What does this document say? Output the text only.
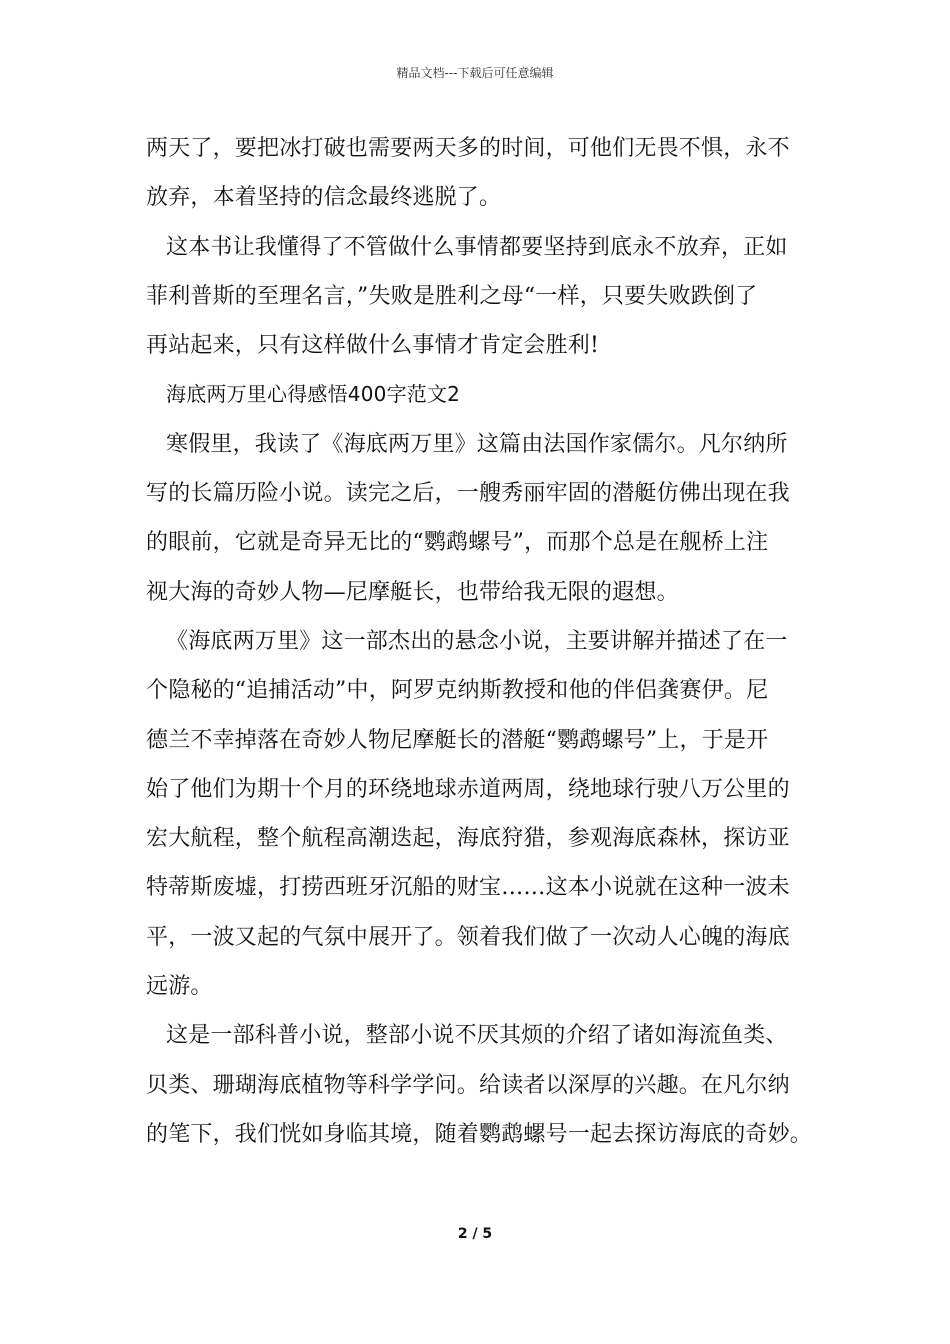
精品文档---下载后可任意编辑
两天了，要把冰打破也需要两天多的时间，可他们无畏不惧，永不
放弃，本着坚持的信念最终逃脱了。
这本书让我懂得了不管做什么事情都要坚持到底永不放弃，正如
菲利普斯的至理名言，”失败是胜利之母“一样，只要失败跌倒了
再站起来，只有这样做什么事情才肯定会胜利!
海底两万里心得感悟400字范文2
寒假里，我读了《海底两万里》这篇由法国作家儒尔。凡尔纳所
写的长篇历险小说。读完之后，一艘秀丽牢固的潜艇仿佛出现在我
的眼前，它就是奇异无比的“鹦鹉螺号”，而那个总是在舰桥上注
视大海的奇妙人物—尼摩艇长，也带给我无限的遐想。
《海底两万里》这一部杰出的悬念小说，主要讲解并描述了在一
个隐秘的“追捕活动”中，阿罗克纳斯教授和他的伴侣龚赛伊。尼
德兰不幸掉落在奇妙人物尼摩艇长的潜艇“鹦鹉螺号”上，于是开
始了他们为期十个月的环绕地球赤道两周，绕地球行驶八万公里的
宏大航程，整个航程高潮迭起，海底狩猎，参观海底森林，探访亚
特蒂斯废墟，打捞西班牙沉船的财宝……这本小说就在这种一波未
平，一波又起的气氛中展开了。领着我们做了一次动人心魄的海底
远游。
这是一部科普小说，整部小说不厌其烦的介绍了诸如海流鱼类、
贝类、珊瑚海底植物等科学学问。给读者以深厚的兴趣。在凡尔纳
的笔下，我们恍如身临其境，随着鹦鹉螺号一起去探访海底的奇妙。
2 / 5
